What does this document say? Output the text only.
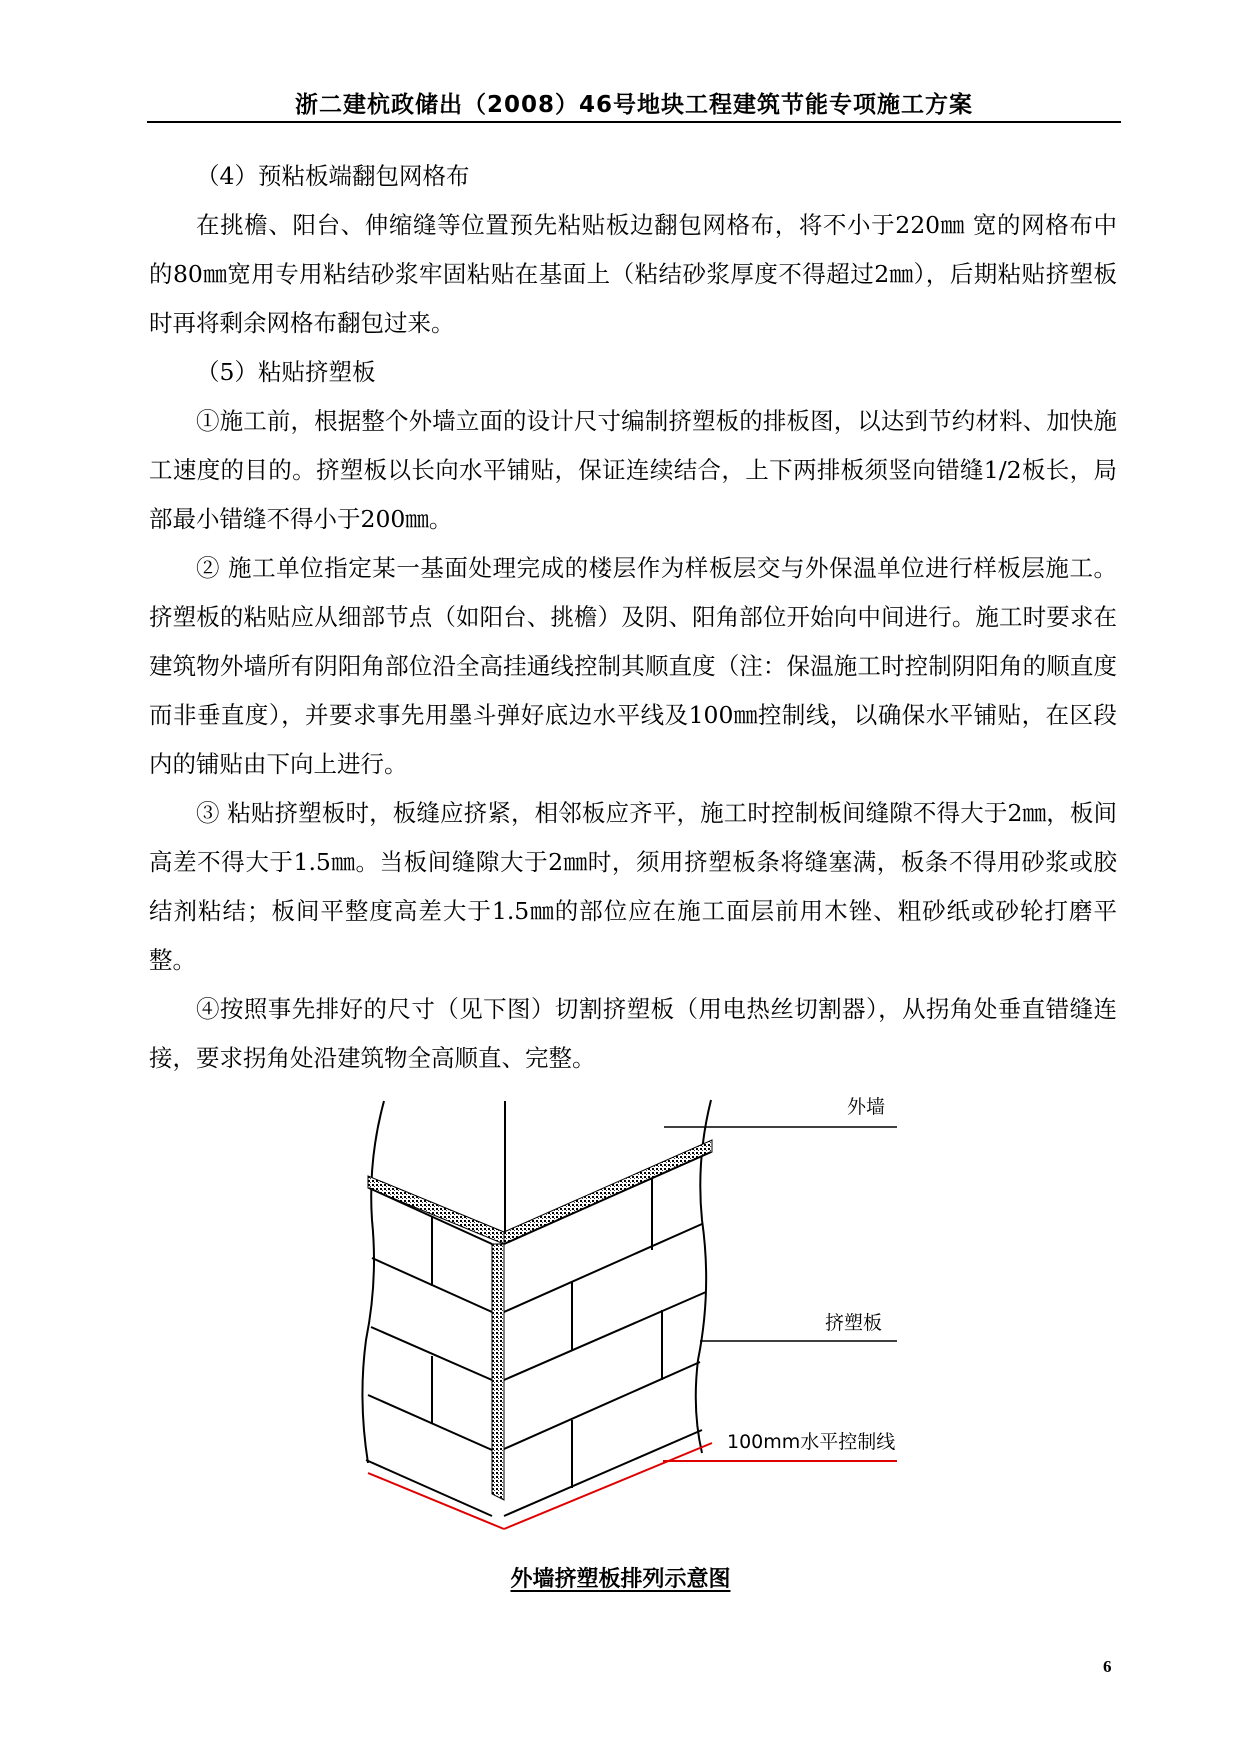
浙二建杭政储出（2008）46号地块工程建筑节能专项施工方案

（4）预粘板端翻包网格布

在挑檐、阳台、伸缩缝等位置预先粘贴板边翻包网格布，将不小于220㎜ 宽的网格布中的80㎜宽用专用粘结砂浆牢固粘贴在基面上（粘结砂浆厚度不得超过2㎜），后期粘贴挤塑板时再将剩余网格布翻包过来。

（5）粘贴挤塑板

①施工前，根据整个外墙立面的设计尺寸编制挤塑板的排板图，以达到节约材料、加快施工速度的目的。挤塑板以长向水平铺贴，保证连续结合，上下两排板须竖向错缝1/2板长，局部最小错缝不得小于200㎜。

② 施工单位指定某一基面处理完成的楼层作为样板层交与外保温单位进行样板层施工。挤塑板的粘贴应从细部节点（如阳台、挑檐）及阴、阳角部位开始向中间进行。施工时要求在建筑物外墙所有阴阳角部位沿全高挂通线控制其顺直度（注：保温施工时控制阴阳角的顺直度而非垂直度），并要求事先用墨斗弹好底边水平线及100㎜控制线，以确保水平铺贴，在区段内的铺贴由下向上进行。

③ 粘贴挤塑板时，板缝应挤紧，相邻板应齐平，施工时控制板间缝隙不得大于2㎜，板间高差不得大于1.5㎜。当板间缝隙大于2㎜时，须用挤塑板条将缝塞满，板条不得用砂浆或胶结剂粘结；板间平整度高差大于1.5㎜的部位应在施工面层前用木锉、粗砂纸或砂轮打磨平整。

④按照事先排好的尺寸（见下图）切割挤塑板（用电热丝切割器），从拐角处垂直错缝连接，要求拐角处沿建筑物全高顺直、完整。

外墙
挤塑板
100mm水平控制线
外墙挤塑板排列示意图
6
